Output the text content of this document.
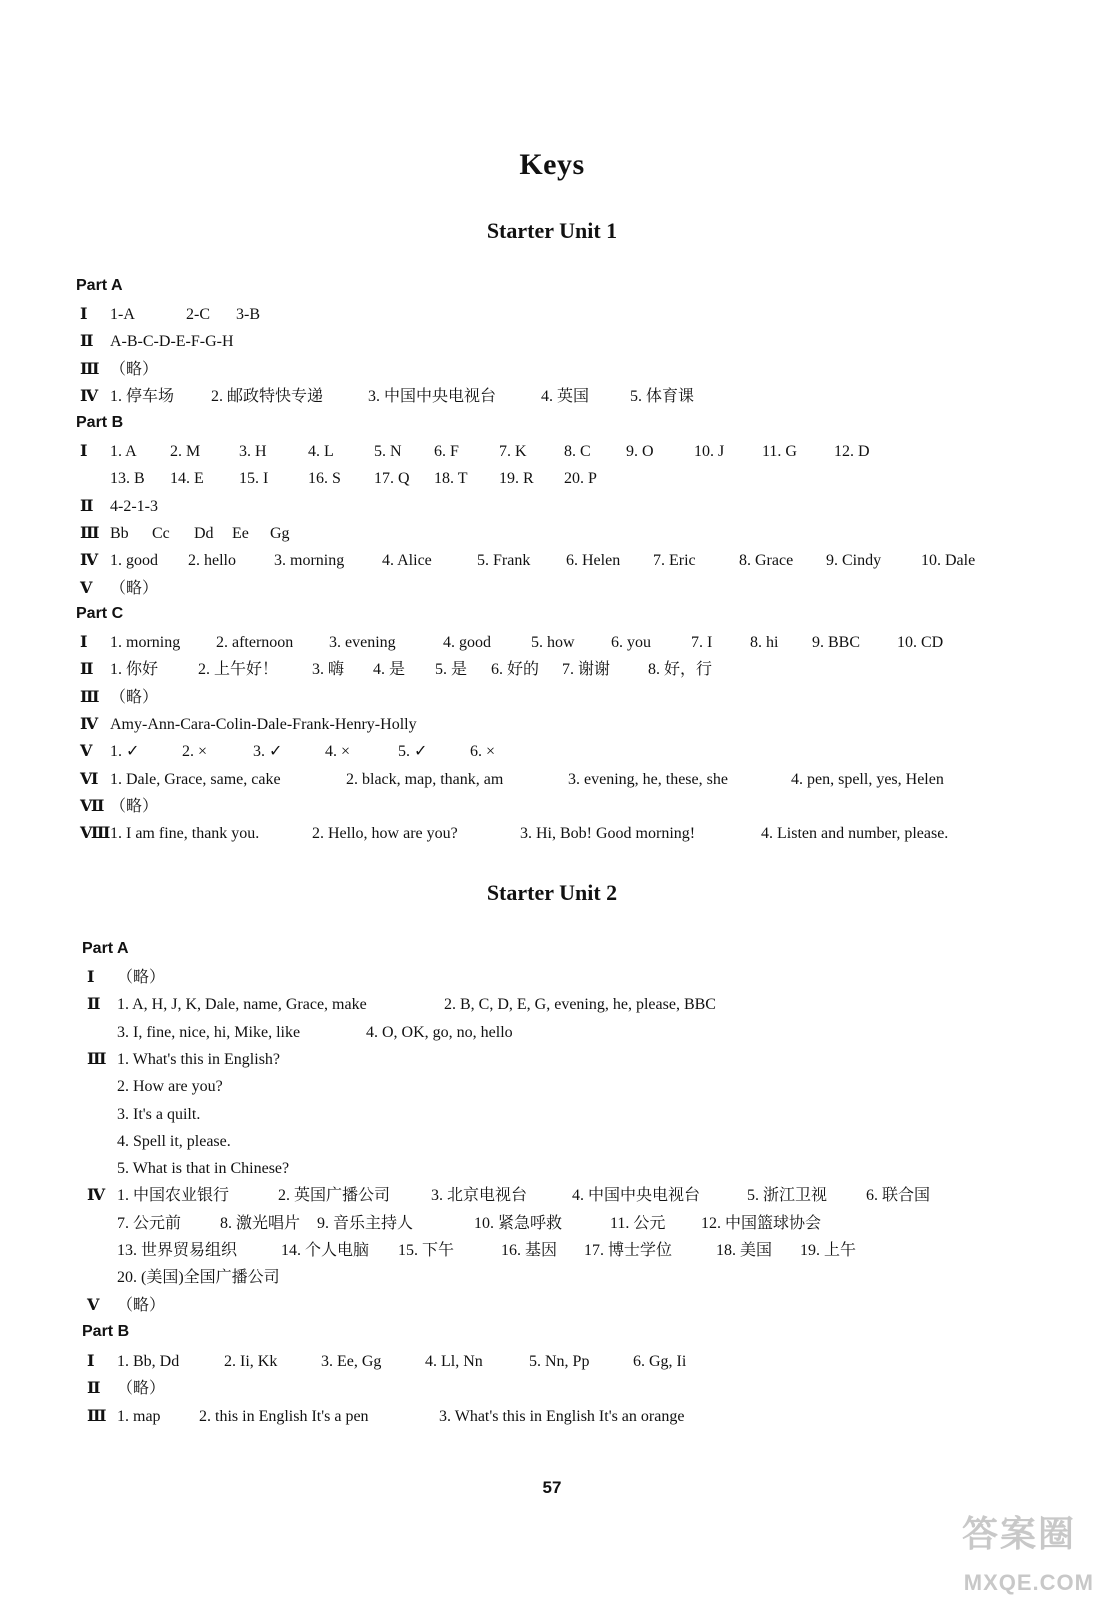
Keys
Starter Unit 1
Part A
Ⅰ 1-A	2-C 3-B
Ⅱ A-B-C-D-E-F-G-H
Ⅲ （略）
Ⅳ 1. 停车场 2. 邮政特快专递	3. 中国中央电视台	4. 英国	5. 体育课
Part B
Ⅰ 1. A 2. M 3. H	4. L	5. N 6. F	7. K 8. C 9. O	10. J 11. G 12. D
13. B 14. E 15. I 16. S 17. Q 18. T 19. R 20. P
Ⅱ 4-2-1-3
Ⅲ Bb Cc Dd Ee Gg
Ⅳ 1. good 2. hello 3. morning 4. Alice	5. Frank 6. Helen 7. Eric	8. Grace 9. Cindy 10. Dale
Ⅴ （略）
Part C
Ⅰ 1. morning 2. afternoon 3. evening	4. good	5. how 6. you	7. I 8. hi 9. BBC 10. CD
Ⅱ 1. 你好 2. 上午好！ 3. 嗨 4. 是 5. 是 6. 好的 7. 谢谢 8. 好，行
Ⅲ （略）
Ⅳ Amy-Ann-Cara-Colin-Dale-Frank-Henry-Holly
Ⅴ 1. ✓	2. ×	3. ✓	4. ×	5. ✓	6. ×
Ⅵ 1. Dale, Grace, same, cake	2. black, map, thank, am	3. evening, he, these, she	4. pen, spell, yes, Helen
Ⅶ （略）
Ⅷ 1. I am fine, thank you.	2. Hello, how are you?	3. Hi, Bob! Good morning!	4. Listen and number, please.
Starter Unit 2
Part A
Ⅰ （略）
Ⅱ 1. A, H, J, K, Dale, name, Grace, make	2. B, C, D, E, G, evening, he, please, BBC
3. I, fine, nice, hi, Mike, like	4. O, OK, go, no, hello
Ⅲ 1. What's this in English?
2. How are you?
3. It's a quilt.
4. Spell it, please.
5. What is that in Chinese?
Ⅳ 1. 中国农业银行	2. 英国广播公司	3. 北京电视台	4. 中国中央电视台	5. 浙江卫视 6. 联合国
7. 公元前 8. 激光唱片 9. 音乐主持人	10. 紧急呼救	11. 公元 12. 中国篮球协会
13. 世界贸易组织	14. 个人电脑 15. 下午	16. 基因 17. 博士学位	18. 美国 19. 上午
20. (美国)全国广播公司
Ⅴ （略）
Part B
Ⅰ 1. Bb, Dd	2. Ii, Kk	3. Ee, Gg	4. Ll, Nn	5. Nn, Pp	6. Gg, Ii
Ⅱ （略）
Ⅲ 1. map 2. this in English It's a pen	3. What's this in English It's an orange
57
答案圈
MXQE.COM
